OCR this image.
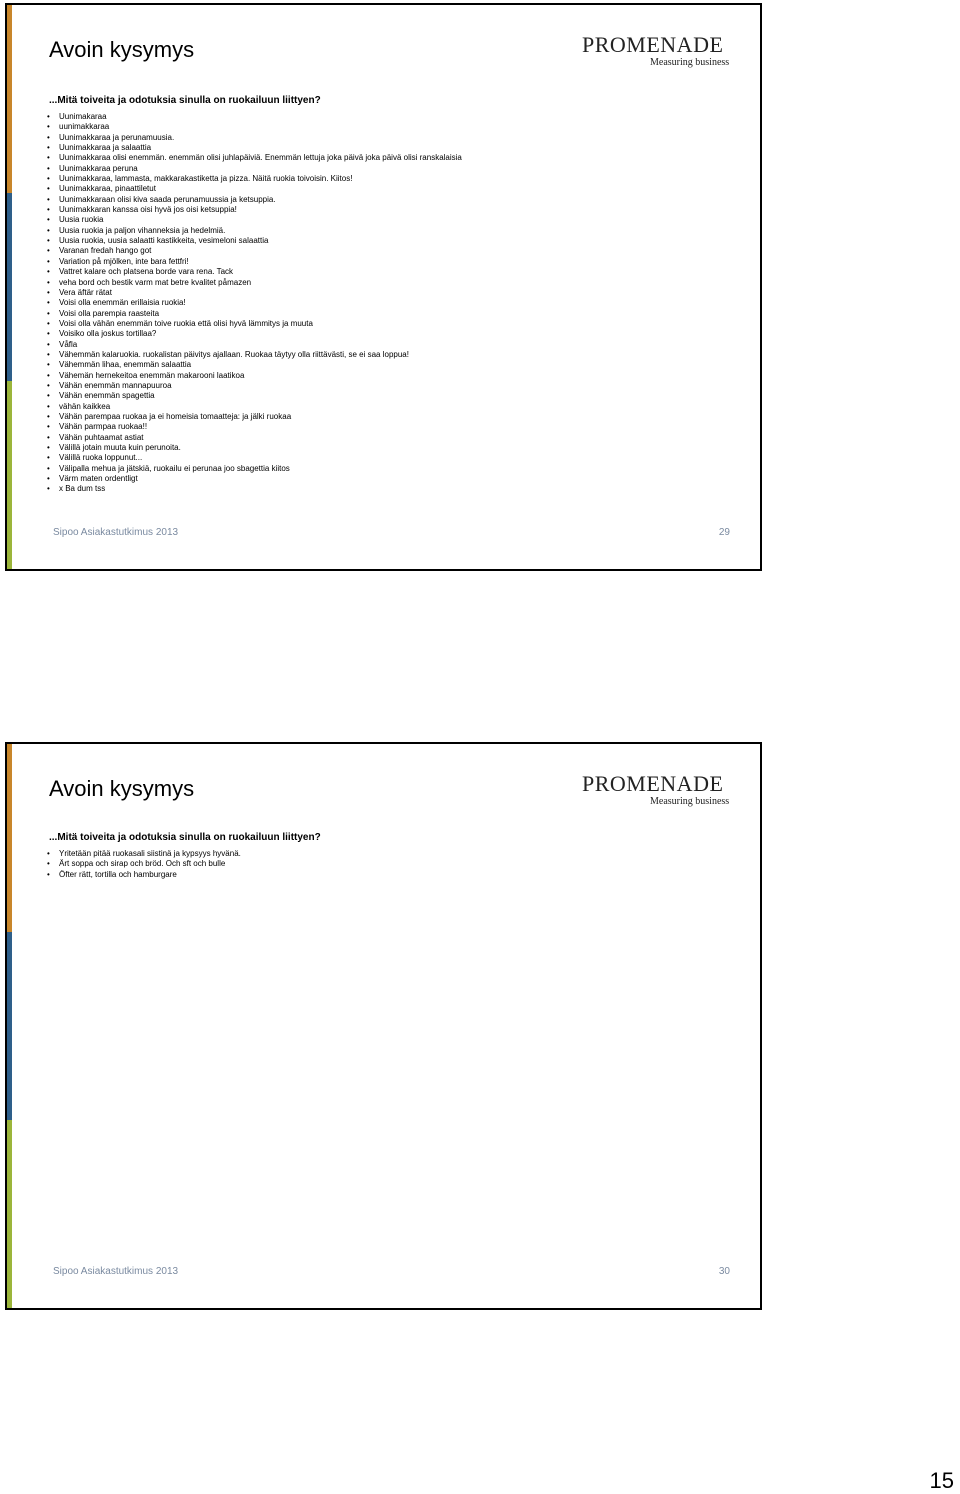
Avoin kysymys	PROMENADE
Measuring business

...Mitä toiveita ja odotuksia sinulla on ruokailuun liittyen?

• Uunimakaraa
• uunimakkaraa
• Uunimakkaraa ja perunamuusia.
• Uunimakkaraa ja salaattia
• Uunimakkaraa olisi enemmän. enemmän olisi juhlapäiviä. Enemmän lettuja joka päivä joka päivä olisi ranskalaisia
• Uunimakkaraa peruna
• Uunimakkaraa, lammasta, makkarakastiketta ja pizza. Näitä ruokia toivoisin. Kiitos!
• Uunimakkaraa, pinaattiletut
• Uunimakkaraan olisi kiva saada perunamuussia ja ketsuppia.
• Uunimakkaran kanssa oisi hyvä jos oisi ketsuppia!
• Uusia ruokia
• Uusia ruokia ja paljon vihanneksia ja hedelmiä.
• Uusia ruokia, uusia salaatti kastikkeita, vesimeloni salaattia
• Varanan fredah hango got
• Variation på mjölken, inte bara fettfri!
• Vattret kalare och platsena borde vara rena. Tack
• veha bord och bestik varm mat betre kvalitet påmazen
• Vera äftär rätat
• Voisi olla enemmän erillaisia ruokia!
• Voisi olla parempia raasteita
• Voisi olla vähän enemmän toive ruokia että olisi hyvä lämmitys ja muuta
• Voisiko olla joskus tortillaa?
• Våfla
• Vähemmän kalaruokia. ruokalistan päivitys ajallaan. Ruokaa täytyy olla riittävästi, se ei saa loppua!
• Vähemmän lihaa, enemmän salaattia
• Vähemän hernekeitoa enemmän makarooni laatikoa
• Vähän enemmän mannapuuroa
• Vähän enemmän spagettia
• vähän kaikkea
• Vähän parempaa ruokaa ja ei homeisia tomaatteja: ja jälki ruokaa
• Vähän parmpaa ruokaa!!
• Vähän puhtaamat astiat
• Välillä jotain muuta kuin perunoita.
• Välillä ruoka loppunut...
• Välipalla mehua ja jätskiä, ruokailu ei perunaa joo sbagettia kiitos
• Värm maten ordentligt
• x Ba dum tss
Sipoo Asiakastutkimus 2013	29
Avoin kysymys	PROMENADE
Measuring business

...Mitä toiveita ja odotuksia sinulla on ruokailuun liittyen?

• Yritetään pitää ruokasali siistinä ja kypsyys hyvänä.
• Ärt soppa och sirap och bröd. Och sft och bulle
• Öfter rätt, tortilla och hamburgare
Sipoo Asiakastutkimus 2013	30
15
